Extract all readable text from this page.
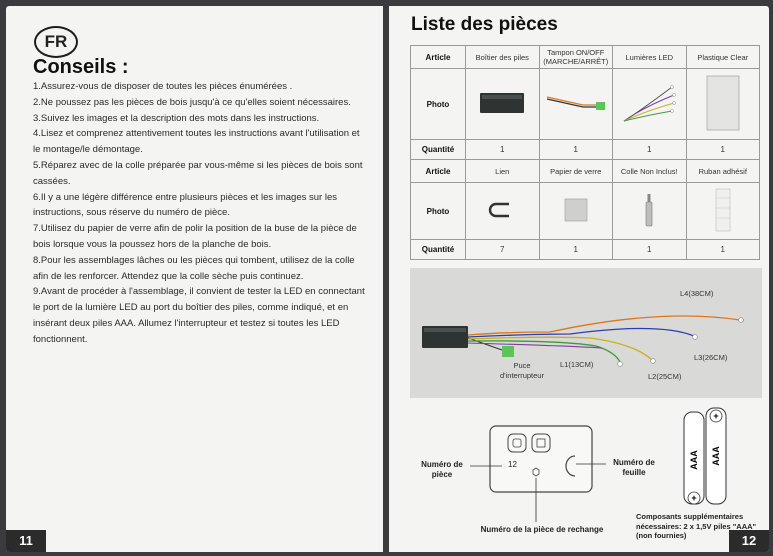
FR
Conseils :
1.Assurez-vous de disposer de toutes les pièces énumérées .
2.Ne poussez pas les pièces de bois jusqu'à ce qu'elles soient nécessaires.
3.Suivez les images et la description des mots dans les instructions.
4.Lisez et comprenez attentivement toutes les instructions avant l'utilisation et
le montage/le démontage.
5.Réparez avec de la colle préparée par vous-même si les pièces de bois sont
cassées.
6.Il y a une légère différence entre plusieurs pièces et les images sur les
instructions, sous réserve du numéro de pièce.
7.Utilisez du papier de verre afin de polir la position de la buse de la pièce de
bois lorsque vous la poussez hors de la planche de bois.
8.Pour les assemblages lâches ou les pièces qui tombent, utilisez de la colle
afin de les renforcer. Attendez que la colle sèche puis continuez.
9.Avant de procéder à l'assemblage, il convient de tester la LED en connectant
le port de la lumière LED au port du boîtier des piles, comme indiqué, et en
insérant deux piles AAA. Allumez l'interrupteur et testez si toutes les LED
fonctionnent.
11
Liste des pièces
Article	Boîtier des piles	Tampon ON/OFF (MARCHE/ARRÊT)	Lumières LED	Plastique Clear
Photo				
Quantité	1	1	1	1
Article	Lien	Papier de verre	Colle Non Inclus!	Ruban adhésif
Photo				
Quantité	7	1	1	1
L4(38CM)
L3(26CM)
L2(25CM)
L1(13CM)
Puce d'interrupteur
+
+
AAA AAA
12
Numéro de pièce
Numéro de feuille
Numéro de la pièce de rechange
Composants supplémentaires nécessaires: 2 x 1,5V piles "AAA" (non fournies)	12
